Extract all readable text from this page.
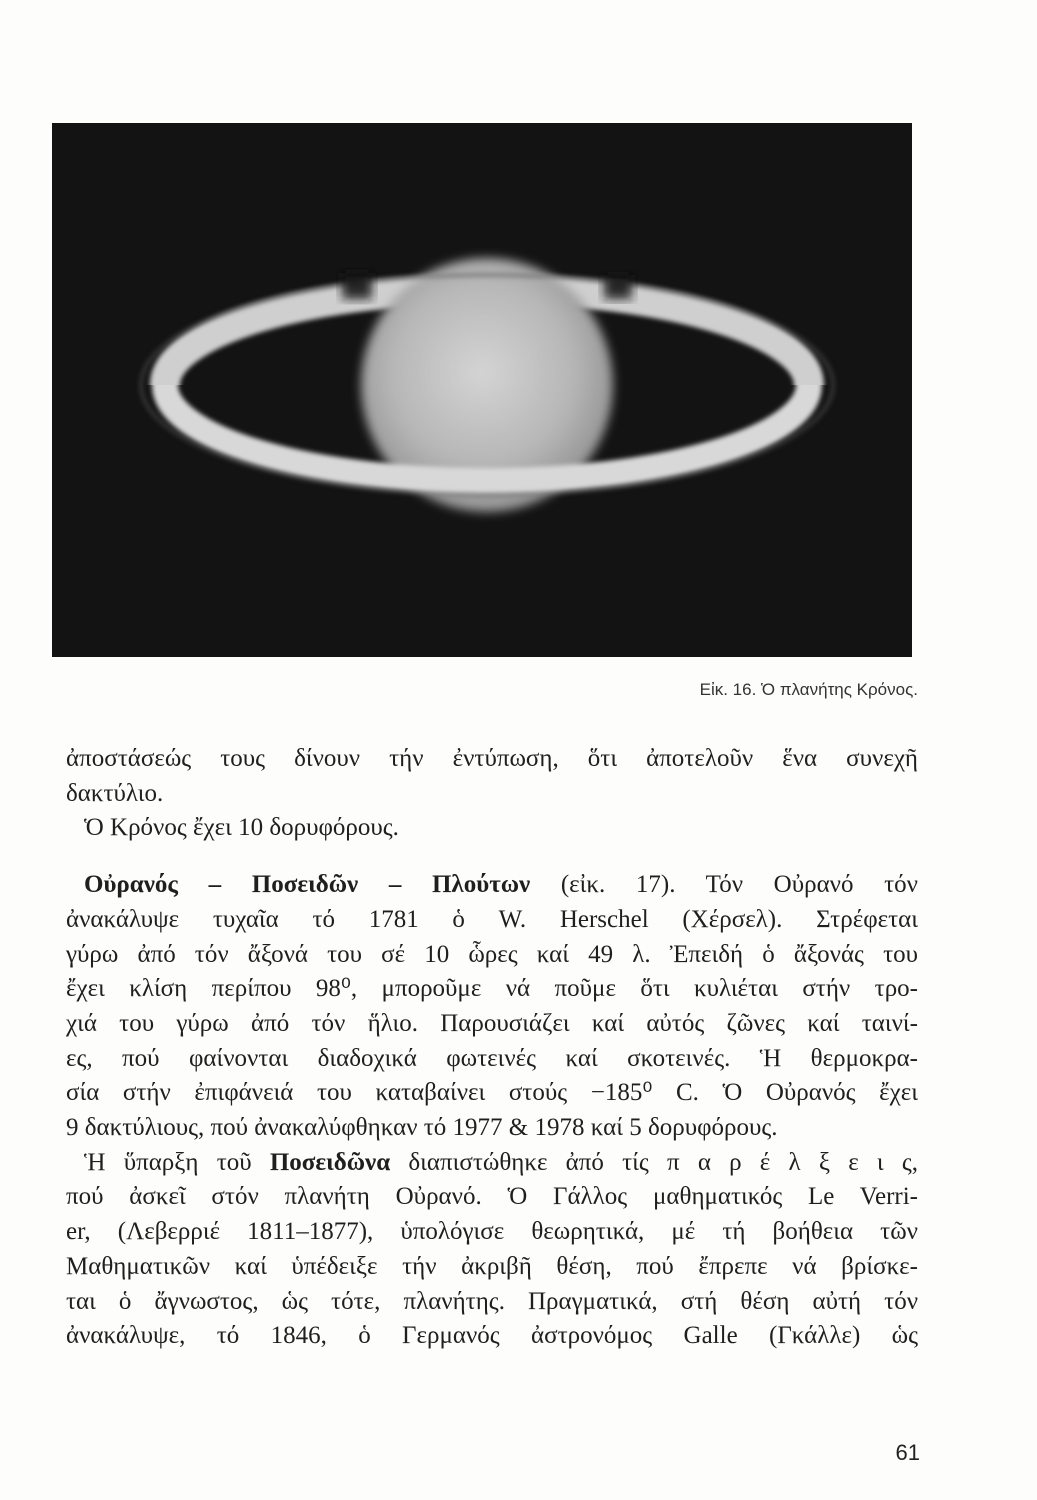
Εἰκ. 16. Ὁ πλανήτης Κρόνος.
ἀποστάσεώς τους δίνουν τήν ἐντύπωση, ὅτι ἀποτελοῦν ἕνα συνεχῆ
δακτύλιο.
Ὁ Κρόνος ἔχει 10 δορυφόρους.
Οὐρανός – Ποσειδῶν – Πλούτων (εἰκ. 17). Τόν Οὐρανό τόν
ἀνακάλυψε τυχαῖα τό 1781 ὁ W. Herschel (Χέρσελ). Στρέφεται
γύρω ἀπό τόν ἄξονά του σέ 10 ὧρες καί 49 λ. Ἐπειδή ὁ ἄξονάς του
ἔχει κλίση περίπου 98⁰, μποροῦμε νά ποῦμε ὅτι κυλιέται στήν τρο-
χιά του γύρω ἀπό τόν ἥλιο. Παρουσιάζει καί αὐτός ζῶνες καί ταινί-
ες, πού φαίνονται διαδοχικά φωτεινές καί σκοτεινές. Ἡ θερμοκρα-
σία στήν ἐπιφάνειά του καταβαίνει στούς −185⁰ C. Ὁ Οὐρανός ἔχει
9 δακτύλιους, πού ἀνακαλύφθηκαν τό 1977 & 1978 καί 5 δορυφόρους.
Ἡ ὕπαρξη τοῦ Ποσειδῶνα διαπιστώθηκε ἀπό τίς π α ρ έ λ ξ ε ι ς,
πού ἀσκεῖ στόν πλανήτη Οὐρανό. Ὁ Γάλλος μαθηματικός Le Verri-
er, (Λεβερριέ 1811–1877), ὑπολόγισε θεωρητικά, μέ τή βοήθεια τῶν
Μαθηματικῶν καί ὑπέδειξε τήν ἀκριβῆ θέση, πού ἔπρεπε νά βρίσκε-
ται ὁ ἄγνωστος, ὡς τότε, πλανήτης. Πραγματικά, στή θέση αὐτή τόν
ἀνακάλυψε, τό 1846, ὁ Γερμανός ἀστρονόμος Galle (Γκάλλε) ὡς
61
